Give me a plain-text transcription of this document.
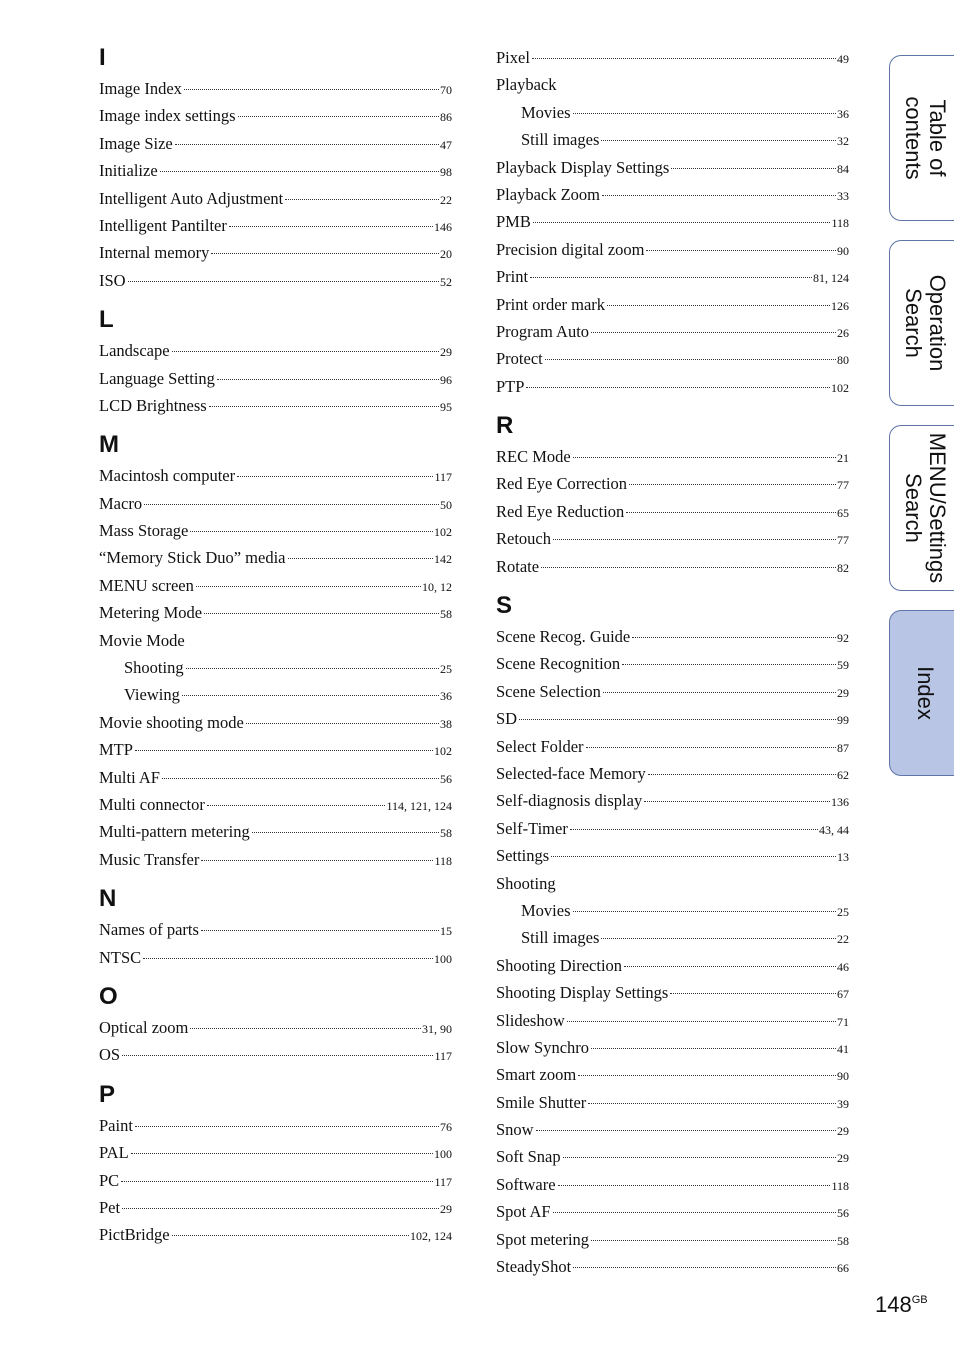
I
Image Index	70
Image index settings	86
Image Size	47
Initialize	98
Intelligent Auto Adjustment	22
Intelligent Pantilter	146
Internal memory	20
ISO	52
L
Landscape	29
Language Setting	96
LCD Brightness	95
M
Macintosh computer	117
Macro	50
Mass Storage	102
“Memory Stick Duo” media	142
MENU screen	10, 12
Metering Mode	58
Movie Mode
Shooting	25
Viewing	36
Movie shooting mode	38
MTP	102
Multi AF	56
Multi connector	114, 121, 124
Multi-pattern metering	58
Music Transfer	118
N
Names of parts	15
NTSC	100
O
Optical zoom	31, 90
OS	117
P
Paint	76
PAL	100
PC	117
Pet	29
PictBridge	102, 124
Pixel	49
Playback
Movies	36
Still images	32
Playback Display Settings	84
Playback Zoom	33
PMB	118
Precision digital zoom	90
Print	81, 124
Print order mark	126
Program Auto	26
Protect	80
PTP	102
R
REC Mode	21
Red Eye Correction	77
Red Eye Reduction	65
Retouch	77
Rotate	82
S
Scene Recog. Guide	92
Scene Recognition	59
Scene Selection	29
SD	99
Select Folder	87
Selected-face Memory	62
Self-diagnosis display	136
Self-Timer	43, 44
Settings	13
Shooting
Movies	25
Still images	22
Shooting Direction	46
Shooting Display Settings	67
Slideshow	71
Slow Synchro	41
Smart zoom	90
Smile Shutter	39
Snow	29
Soft Snap	29
Software	118
Spot AF	56
Spot metering	58
SteadyShot	66
Table of
contents
Operation
Search
MENU/Settings
Search
Index
$148^{GB}$
